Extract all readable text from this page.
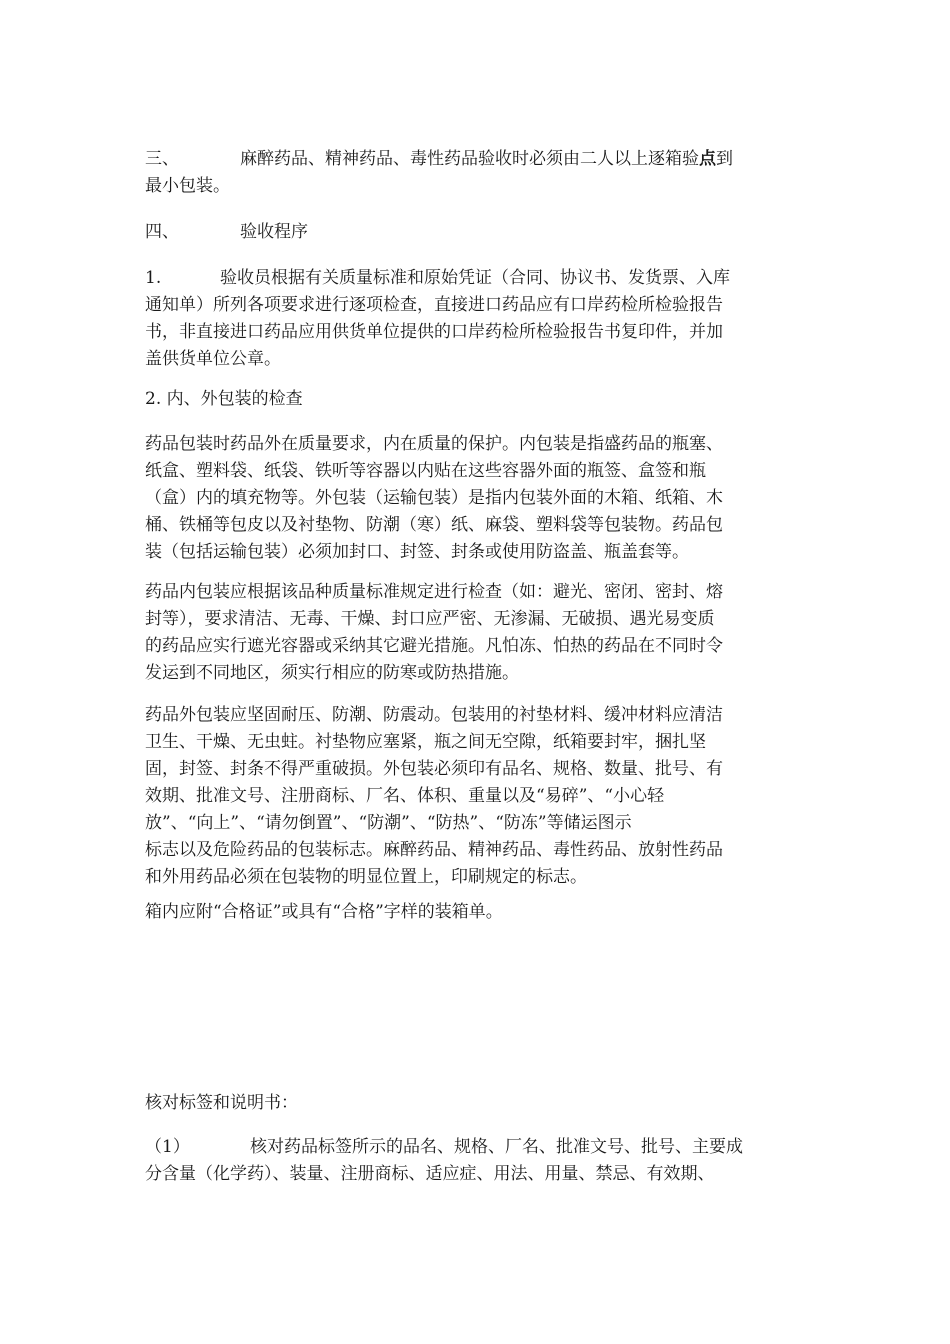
三、	麻醉药品、精神药品、毒性药品验收时必须由二人以上逐箱验点到
最小包装。
四、	验收程序
1.	验收员根据有关质量标准和原始凭证（合同、协议书、发货票、入库
通知单）所列各项要求进行逐项检查，直接进口药品应有口岸药检所检验报告
书，非直接进口药品应用供货单位提供的口岸药检所检验报告书复印件，并加
盖供货单位公章。
2. 内、外包装的检查
药品包装时药品外在质量要求，内在质量的保护。内包装是指盛药品的瓶塞、
纸盒、塑料袋、纸袋、铁听等容器以内贴在这些容器外面的瓶签、盒签和瓶
（盒）内的填充物等。外包装（运输包装）是指内包装外面的木箱、纸箱、木
桶、铁桶等包皮以及衬垫物、防潮（寒）纸、麻袋、塑料袋等包装物。药品包
装（包括运输包装）必须加封口、封签、封条或使用防盗盖、瓶盖套等。
药品内包装应根据该品种质量标准规定进行检查（如：避光、密闭、密封、熔
封等），要求清洁、无毒、干燥、封口应严密、无渗漏、无破损、遇光易变质
的药品应实行遮光容器或采纳其它避光措施。凡怕冻、怕热的药品在不同时令
发运到不同地区，须实行相应的防寒或防热措施。
药品外包装应坚固耐压、防潮、防震动。包装用的衬垫材料、缓冲材料应清洁
卫生、干燥、无虫蛀。衬垫物应塞紧，瓶之间无空隙，纸箱要封牢，捆扎坚
固，封签、封条不得严重破损。外包装必须印有品名、规格、数量、批号、有
效期、批准文号、注册商标、厂名、体积、重量以及“易碎”、“小心轻
放”、“向上”、“请勿倒置”、“防潮”、“防热”、“防冻”等储运图示
标志以及危险药品的包装标志。麻醉药品、精神药品、毒性药品、放射性药品
和外用药品必须在包装物的明显位置上，印刷规定的标志。
箱内应附“合格证”或具有“合格”字样的装箱单。
核对标签和说明书：
（1）	核对药品标签所示的品名、规格、厂名、批准文号、批号、主要成
分含量（化学药）、装量、注册商标、适应症、用法、用量、禁忌、有效期、
